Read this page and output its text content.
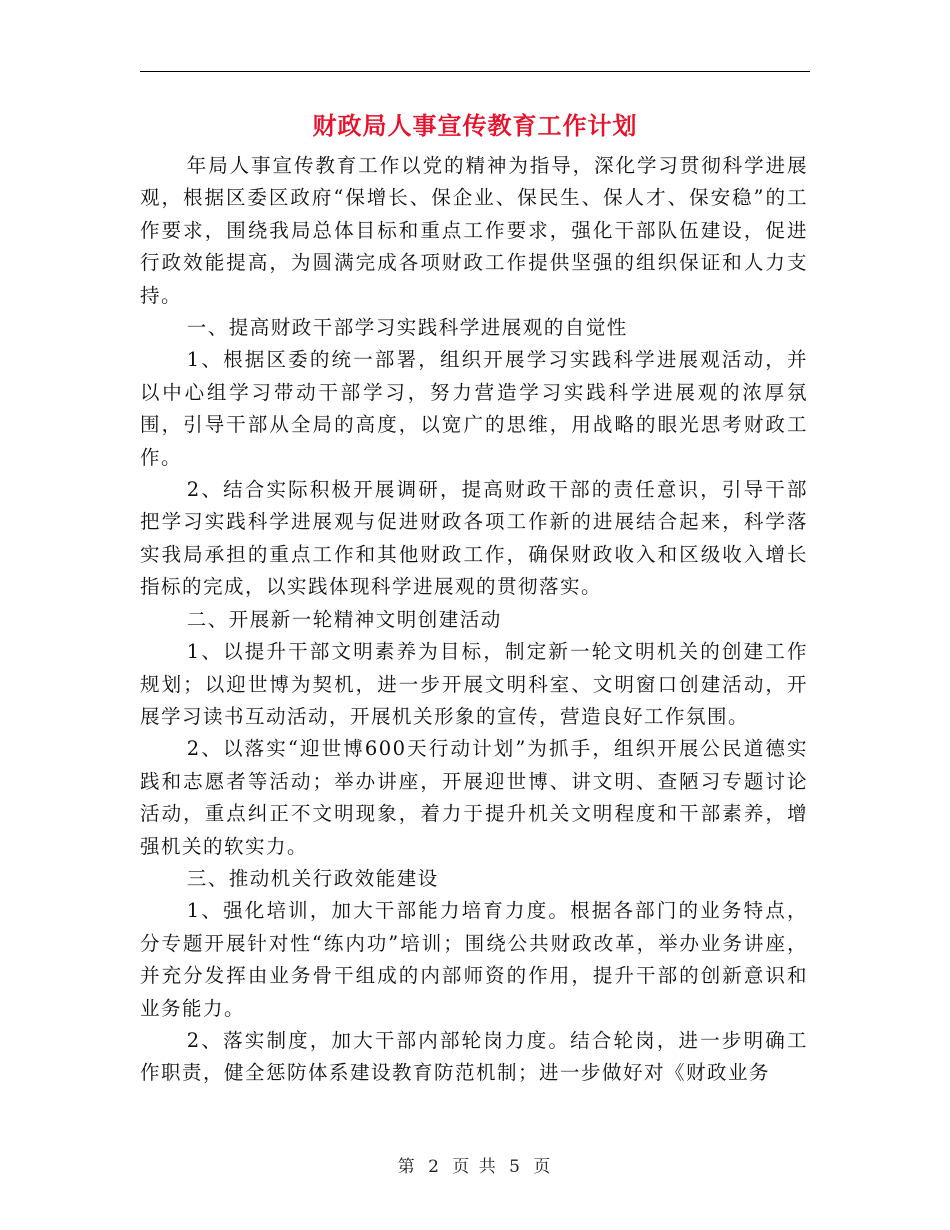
财政局人事宣传教育工作计划

年局人事宣传教育工作以党的精神为指导，深化学习贯彻科学进展观，根据区委区政府“保增长、保企业、保民生、保人才、保安稳”的工作要求，围绕我局总体目标和重点工作要求，强化干部队伍建设，促进行政效能提高，为圆满完成各项财政工作提供坚强的组织保证和人力支持。

一、提高财政干部学习实践科学进展观的自觉性

1、根据区委的统一部署，组织开展学习实践科学进展观活动，并以中心组学习带动干部学习，努力营造学习实践科学进展观的浓厚氛围，引导干部从全局的高度，以宽广的思维，用战略的眼光思考财政工作。

2、结合实际积极开展调研，提高财政干部的责任意识，引导干部把学习实践科学进展观与促进财政各项工作新的进展结合起来，科学落实我局承担的重点工作和其他财政工作，确保财政收入和区级收入增长指标的完成，以实践体现科学进展观的贯彻落实。

二、开展新一轮精神文明创建活动

1、以提升干部文明素养为目标，制定新一轮文明机关的创建工作规划；以迎世博为契机，进一步开展文明科室、文明窗口创建活动，开展学习读书互动活动，开展机关形象的宣传，营造良好工作氛围。

2、以落实“迎世博600天行动计划”为抓手，组织开展公民道德实践和志愿者等活动；举办讲座，开展迎世博、讲文明、查陋习专题讨论活动，重点纠正不文明现象，着力于提升机关文明程度和干部素养，增强机关的软实力。

三、推动机关行政效能建设

1、强化培训，加大干部能力培育力度。根据各部门的业务特点，分专题开展针对性“练内功”培训；围绕公共财政改革，举办业务讲座，并充分发挥由业务骨干组成的内部师资的作用，提升干部的创新意识和业务能力。

2、落实制度，加大干部内部轮岗力度。结合轮岗，进一步明确工作职责，健全惩防体系建设教育防范机制；进一步做好对《财政业务

第 2 页 共 5 页
